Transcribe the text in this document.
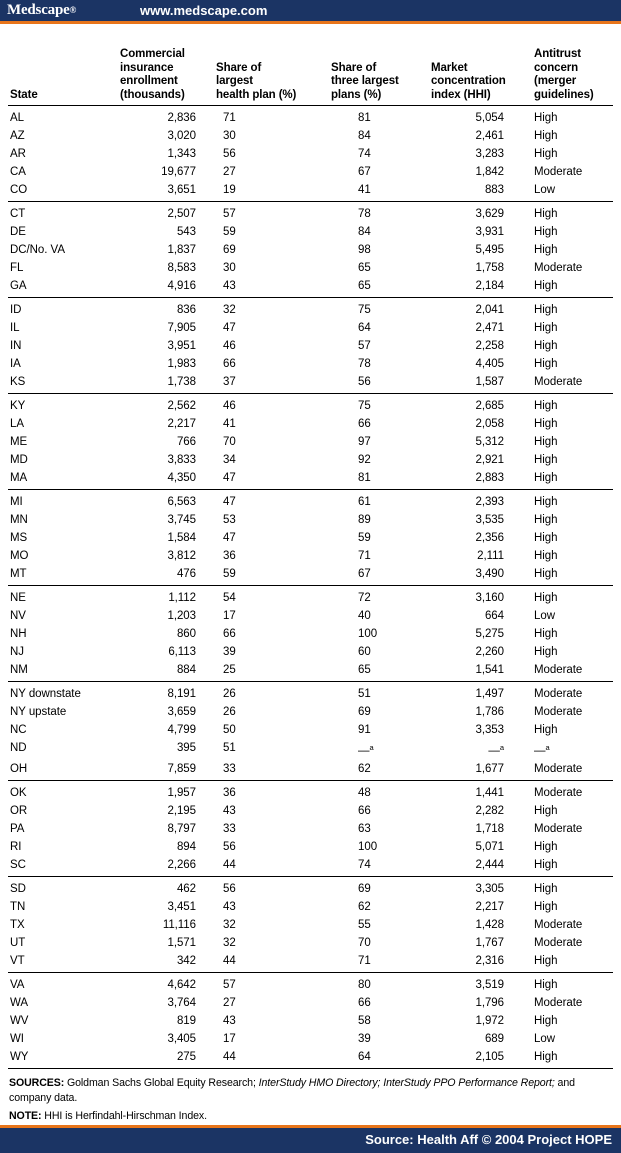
Medscape®	www.medscape.com
State	Commercial
insurance
enrollment
(thousands)	Share of
largest
health plan (%)	Share of
three largest
plans (%)	Market
concentration
index (HHI)	Antitrust
concern
(merger
guidelines)
AL	2,836	71	81	5,054	High
AZ	3,020	30	84	2,461	High
AR	1,343	56	74	3,283	High
CA	19,677	27	67	1,842	Moderate
CO	3,651	19	41	883	Low
CT	2,507	57	78	3,629	High
DE	543	59	84	3,931	High
DC/No. VA	1,837	69	98	5,495	High
FL	8,583	30	65	1,758	Moderate
GA	4,916	43	65	2,184	High
ID	836	32	75	2,041	High
IL	7,905	47	64	2,471	High
IN	3,951	46	57	2,258	High
IA	1,983	66	78	4,405	High
KS	1,738	37	56	1,587	Moderate
KY	2,562	46	75	2,685	High
LA	2,217	41	66	2,058	High
ME	766	70	97	5,312	High
MD	3,833	34	92	2,921	High
MA	4,350	47	81	2,883	High
MI	6,563	47	61	2,393	High
MN	3,745	53	89	3,535	High
MS	1,584	47	59	2,356	High
MO	3,812	36	71	2,111	High
MT	476	59	67	3,490	High
NE	1,112	54	72	3,160	High
NV	1,203	17	40	664	Low
NH	860	66	100	5,275	High
NJ	6,113	39	60	2,260	High
NM	884	25	65	1,541	Moderate
NY downstate	8,191	26	51	1,497	Moderate
NY upstate	3,659	26	69	1,786	Moderate
NC	4,799	50	91	3,353	High
ND	395	51	—$^a$	—$^a$	—$^a$
OH	7,859	33	62	1,677	Moderate
OK	1,957	36	48	1,441	Moderate
OR	2,195	43	66	2,282	High
PA	8,797	33	63	1,718	Moderate
RI	894	56	100	5,071	High
SC	2,266	44	74	2,444	High
SD	462	56	69	3,305	High
TN	3,451	43	62	2,217	High
TX	11,116	32	55	1,428	Moderate
UT	1,571	32	70	1,767	Moderate
VT	342	44	71	2,316	High
VA	4,642	57	80	3,519	High
WA	3,764	27	66	1,796	Moderate
WV	819	43	58	1,972	High
WI	3,405	17	39	689	Low
WY	275	44	64	2,105	High
SOURCES: Goldman Sachs Global Equity Research; InterStudy HMO Directory; InterStudy PPO Performance Report; and company data.
NOTE: HHI is Herfindahl-Hirschman Index.
Source: Health Aff © 2004 Project HOPE
